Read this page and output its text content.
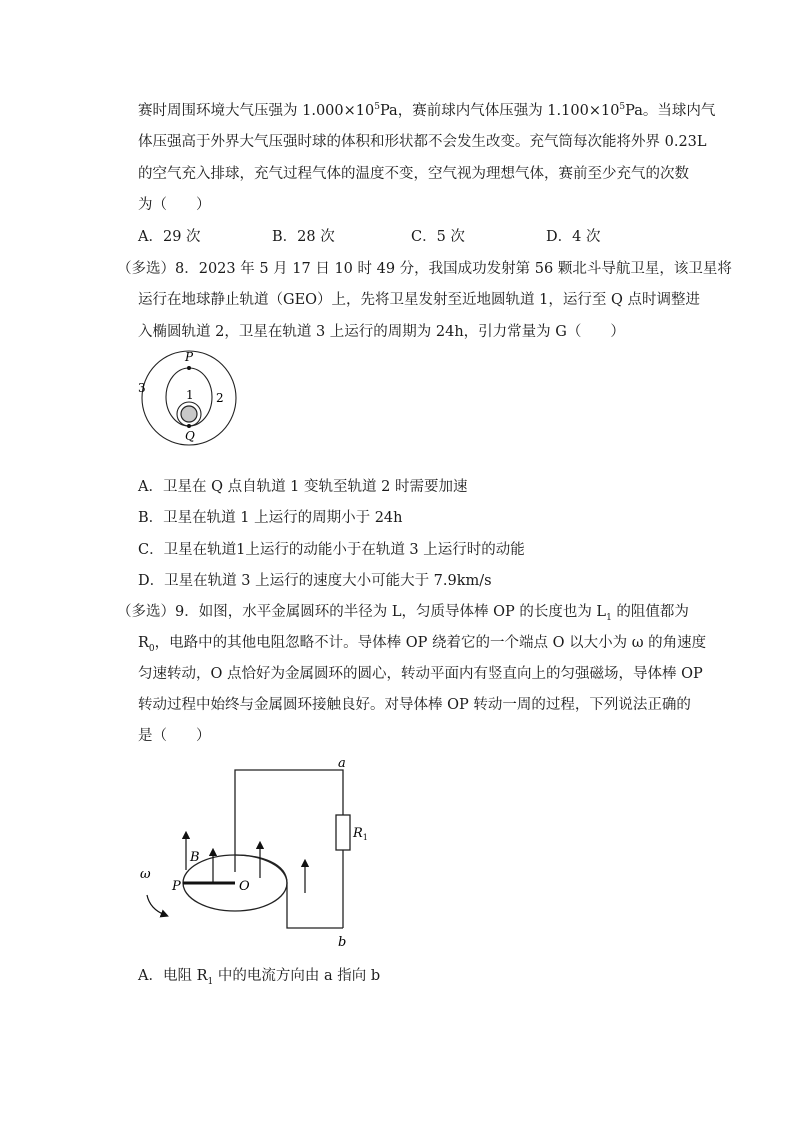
赛时周围环境大气压强为 $1.000\times 10^5Pa$，赛前球内气体压强为 $1.100\times 10^5Pa$。当球内气
体压强高于外界大气压强时球的体积和形状都不会发生改变。充气筒每次能将外界 0.23L
的空气充入排球，充气过程气体的温度不变，空气视为理想气体，赛前至少充气的次数
为（　　）
A．29 次	B．28 次	C．5 次	D．4 次
（多选）8．2023 年 5 月 17 日 10 时 49 分，我国成功发射第 56 颗北斗导航卫星，该卫星将
运行在地球静止轨道（GEO）上，先将卫星发射至近地圆轨道 1，运行至 Q 点时调整进
入椭圆轨道 2，卫星在轨道 3 上运行的周期为 24h，引力常量为 G（　　）
P
Q
1 2
3
A．卫星在 Q 点自轨道 1 变轨至轨道 2 时需要加速
B．卫星在轨道 1 上运行的周期小于 24h
C．卫星在轨道1上运行的动能小于在轨道 3 上运行时的动能
D．卫星在轨道 3 上运行的速度大小可能大于 7.9km/s
（多选）9．如图，水平金属圆环的半径为 L，匀质导体棒 OP 的长度也为 $L_1$ 的阻值都为
$R_0$，电路中的其他电阻忽略不计。导体棒 OP 绕着它的一个端点 O 以大小为 ω 的角速度
匀速转动，O 点恰好为金属圆环的圆心，转动平面内有竖直向上的匀强磁场，导体棒 OP
转动过程中始终与金属圆环接触良好。对导体棒 OP 转动一周的过程，下列说法正确的
是（　　）
a
b
$R_1$
B
P	O
ω
A．电阻 $R_1$ 中的电流方向由 a 指向 b
